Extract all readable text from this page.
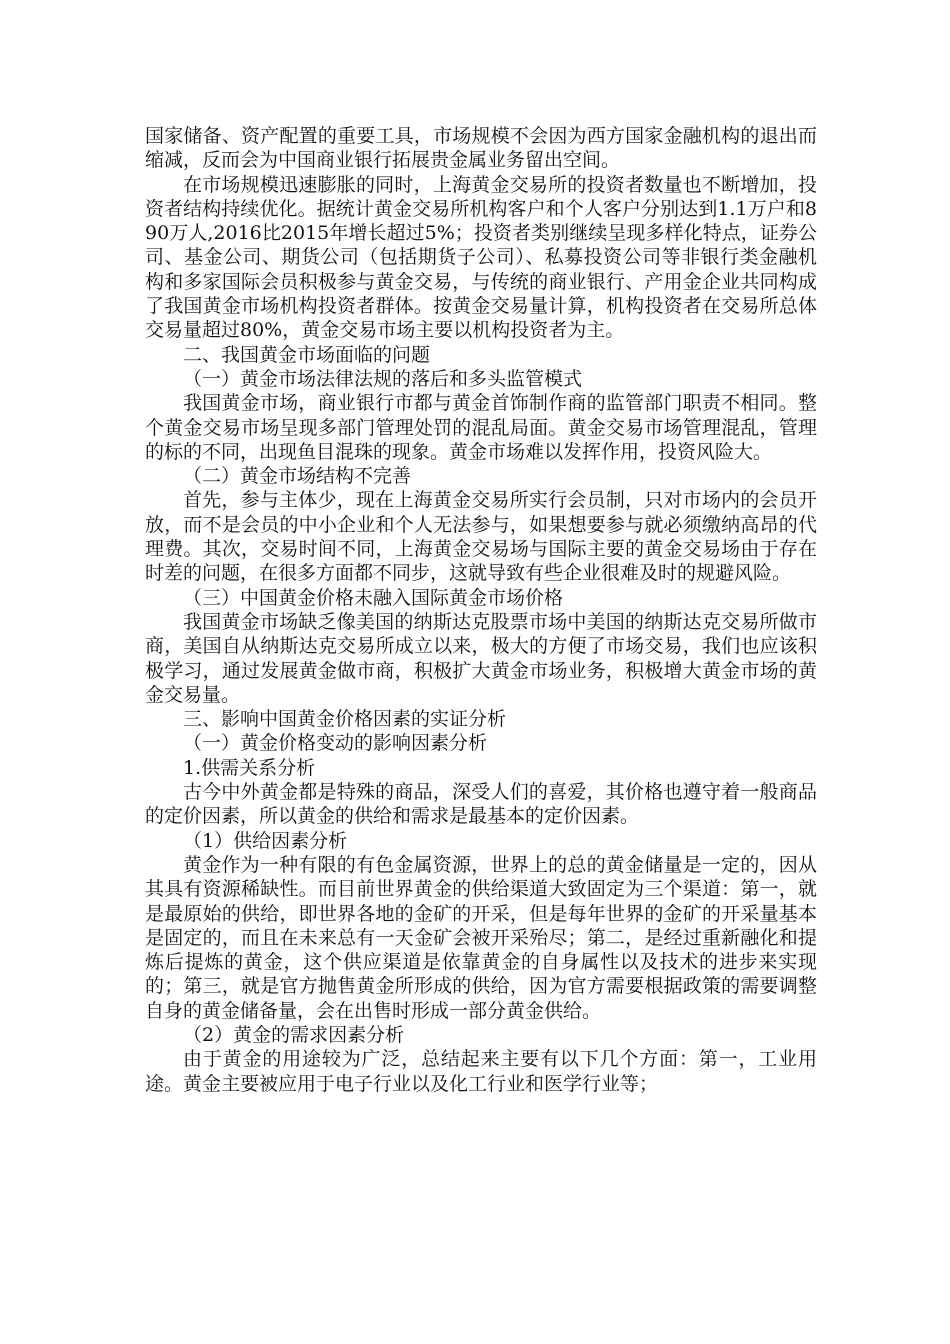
国家储备、资产配置的重要工具，市场规模不会因为西方国家金融机构的退出而缩减，反而会为中国商业银行拓展贵金属业务留出空间。

在市场规模迅速膨胀的同时，上海黄金交易所的投资者数量也不断增加，投资者结构持续优化。据统计黄金交易所机构客户和个人客户分别达到1.1万户和890万人,2016比2015年增长超过5%；投资者类别继续呈现多样化特点，证券公司、基金公司、期货公司（包括期货子公司）、私募投资公司等非银行类金融机构和多家国际会员积极参与黄金交易，与传统的商业银行、产用金企业共同构成了我国黄金市场机构投资者群体。按黄金交易量计算，机构投资者在交易所总体交易量超过80%，黄金交易市场主要以机构投资者为主。

二、我国黄金市场面临的问题

（一）黄金市场法律法规的落后和多头监管模式

我国黄金市场，商业银行市都与黄金首饰制作商的监管部门职责不相同。整个黄金交易市场呈现多部门管理处罚的混乱局面。黄金交易市场管理混乱，管理的标的不同，出现鱼目混珠的现象。黄金市场难以发挥作用，投资风险大。

（二）黄金市场结构不完善

首先，参与主体少，现在上海黄金交易所实行会员制，只对市场内的会员开放，而不是会员的中小企业和个人无法参与，如果想要参与就必须缴纳高昂的代理费。其次，交易时间不同，上海黄金交易场与国际主要的黄金交易场由于存在时差的问题，在很多方面都不同步，这就导致有些企业很难及时的规避风险。

（三）中国黄金价格未融入国际黄金市场价格

我国黄金市场缺乏像美国的纳斯达克股票市场中美国的纳斯达克交易所做市商，美国自从纳斯达克交易所成立以来，极大的方便了市场交易，我们也应该积极学习，通过发展黄金做市商，积极扩大黄金市场业务，积极增大黄金市场的黄金交易量。

三、影响中国黄金价格因素的实证分析

（一）黄金价格变动的影响因素分析

1.供需关系分析

古今中外黄金都是特殊的商品，深受人们的喜爱，其价格也遵守着一般商品的定价因素，所以黄金的供给和需求是最基本的定价因素。

（1）供给因素分析

黄金作为一种有限的有色金属资源，世界上的总的黄金储量是一定的，因从其具有资源稀缺性。而目前世界黄金的供给渠道大致固定为三个渠道：第一，就是最原始的供给，即世界各地的金矿的开采，但是每年世界的金矿的开采量基本是固定的，而且在未来总有一天金矿会被开采殆尽；第二，是经过重新融化和提炼后提炼的黄金，这个供应渠道是依靠黄金的自身属性以及技术的进步来实现的；第三，就是官方抛售黄金所形成的供给，因为官方需要根据政策的需要调整自身的黄金储备量，会在出售时形成一部分黄金供给。

（2）黄金的需求因素分析

由于黄金的用途较为广泛，总结起来主要有以下几个方面：第一，工业用途。黄金主要被应用于电子行业以及化工行业和医学行业等；
